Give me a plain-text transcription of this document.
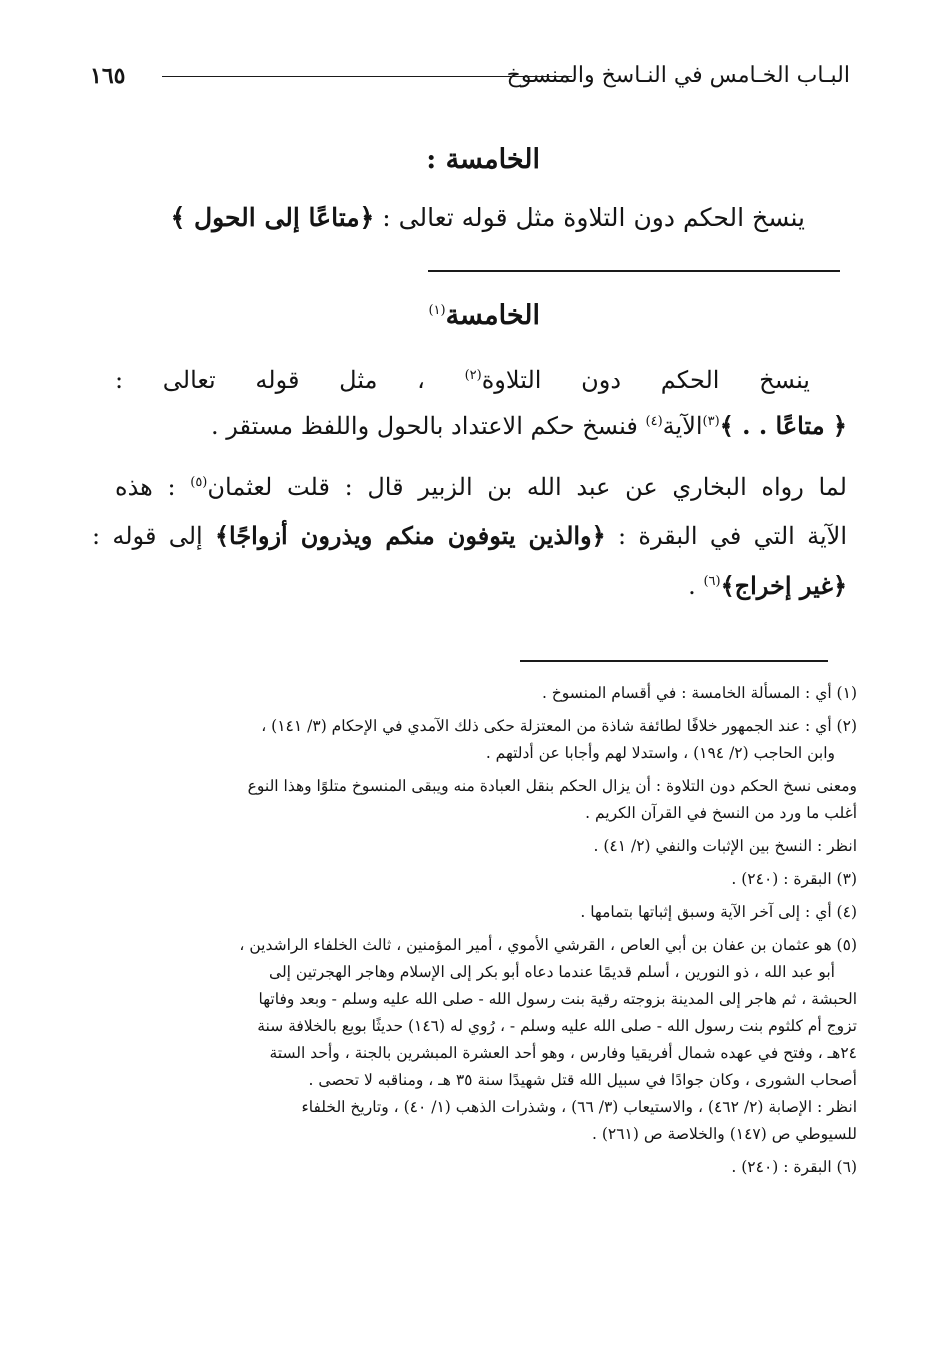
البـاب الخـامس في النـاسخ والمنسوخ
١٦٥
الخامسة :
ينسخ الحكم دون التلاوة مثل قوله تعالى : ﴿متاعًا إلى الحول ﴾
الخامسة$^{(١)}$
ينسخ الحكم دون التلاوة$^{(٢)}$ ، مثل قوله تعالى :
﴿ متاعًا . . ﴾$^{(٣)}$الآية$^{(٤)}$ فنسخ حكم الاعتداد بالحول واللفظ مستقر .
لما رواه البخاري عن عبد الله بن الزبير قال : قلت لعثمان$^{(٥)}$ : هذه
الآية التي في البقرة : ﴿والذين يتوفون منكم ويذرون أزواجًا﴾ إلى قوله :
﴿غير إخراج﴾$^{(٦)}$ .
(١) أي : المسألة الخامسة : في أقسام المنسوخ .
(٢) أي : عند الجمهور خلافًا لطائفة شاذة من المعتزلة حكى ذلك الآمدي في الإحكام (٣/ ١٤١) ،
وابن الحاجب (٢/ ١٩٤) ، واستدلا لهم وأجابا عن أدلتهم .
ومعنى نسخ الحكم دون التلاوة : أن يزال الحكم بنقل العبادة منه ويبقى المنسوخ متلوًا وهذا النوع
أغلب ما ورد من النسخ في القرآن الكريم .
انظر : النسخ بين الإثبات والنفي (٢/ ٤١) .
(٣) البقرة : (٢٤٠) .
(٤) أي : إلى آخر الآية وسبق إثباتها بتمامها .
(٥) هو عثمان بن عفان بن أبي العاص ، القرشي الأموي ، أمير المؤمنين ، ثالث الخلفاء الراشدين ،
أبو عبد الله ، ذو النورين ، أسلم قديمًا عندما دعاه أبو بكر إلى الإسلام وهاجر الهجرتين إلى
الحبشة ، ثم هاجر إلى المدينة بزوجته رقية بنت رسول الله - صلى الله عليه وسلم - وبعد وفاتها
تزوج أم كلثوم بنت رسول الله - صلى الله عليه وسلم - ، رُوي له (١٤٦) حديثًا بويع بالخلافة سنة
٢٤هـ ، وفتح في عهده شمال أفريقيا وفارس ، وهو أحد العشرة المبشرين بالجنة ، وأحد الستة
أصحاب الشورى ، وكان جوادًا في سبيل الله قتل شهيدًا سنة ٣٥ هـ ، ومناقبه لا تحصى .
انظر : الإصابة (٢/ ٤٦٢) ، والاستيعاب (٣/ ٦٦) ، وشذرات الذهب (١/ ٤٠) ، وتاريخ الخلفاء
للسيوطي ص (١٤٧) والخلاصة ص (٢٦١) .
(٦) البقرة : (٢٤٠) .
